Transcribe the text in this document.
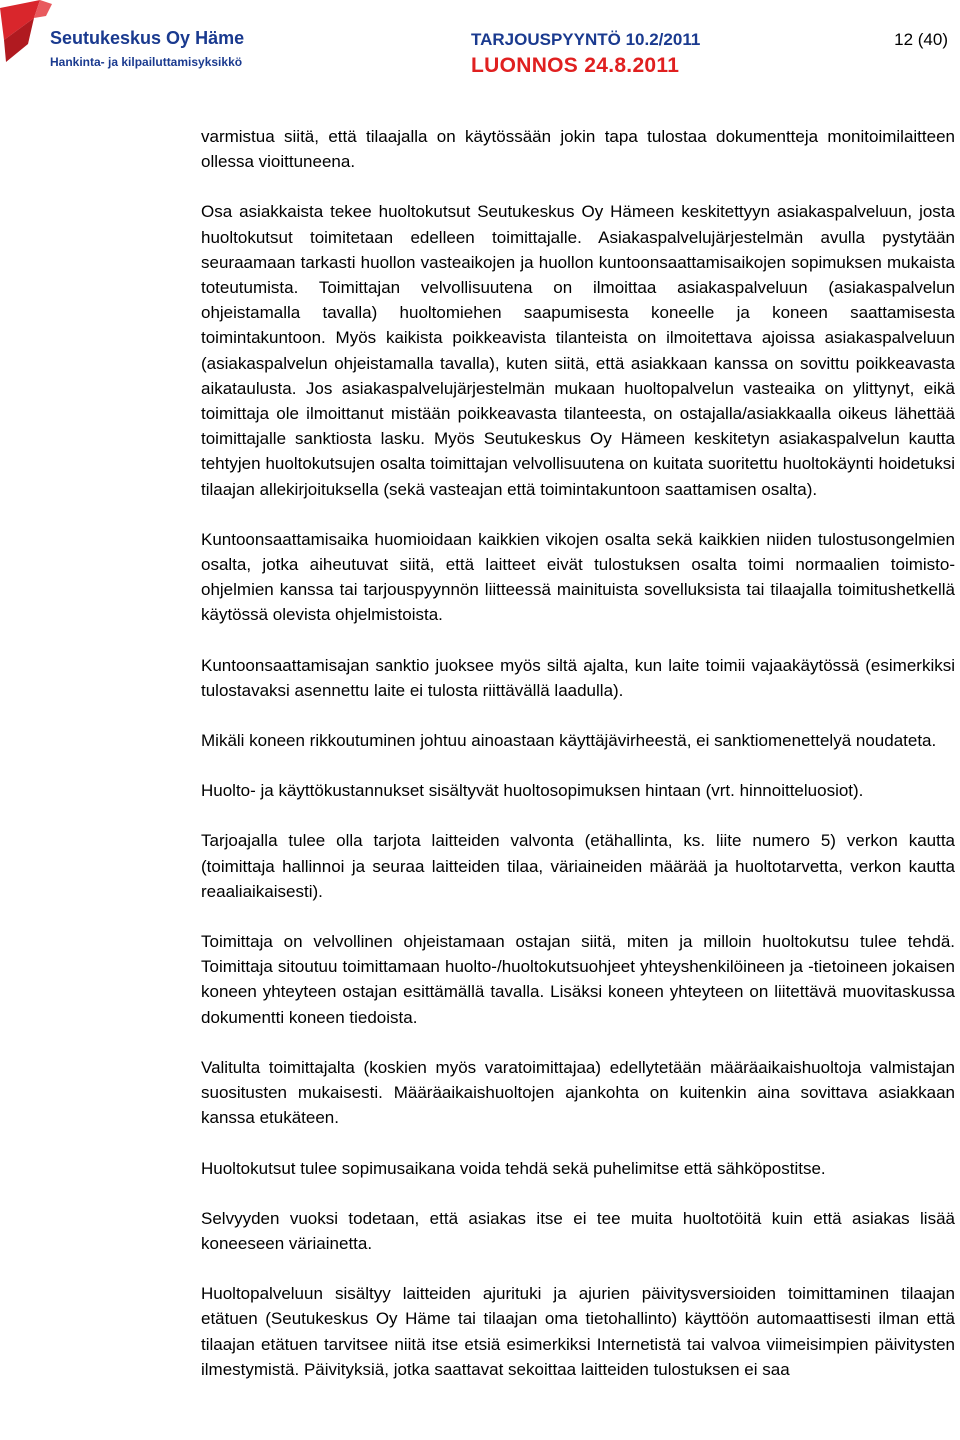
Seutukeskus Oy Häme
Hankinta- ja kilpailuttamisyksikkö
TARJOUSPYYNTÖ 10.2/2011
LUONNOS 24.8.2011
12 (40)

varmistua siitä, että tilaajalla on käytössään jokin tapa tulostaa dokumentteja monitoimilaitteen ollessa vioittuneena.

Osa asiakkaista tekee huoltokutsut Seutukeskus Oy Hämeen keskitettyyn asiakaspalveluun, josta huoltokutsut toimitetaan edelleen toimittajalle. Asiakaspalvelujärjestelmän avulla pystytään seuraamaan tarkasti huollon vasteaikojen ja huollon kuntoonsaattamisaikojen sopimuksen mukaista toteutumista. Toimittajan velvollisuutena on ilmoittaa asiakaspalveluun (asiakaspalvelun ohjeistamalla tavalla) huoltomiehen saapumisesta koneelle ja koneen saattamisesta toimintakuntoon. Myös kaikista poikkeavista tilanteista on ilmoitettava ajoissa asiakaspalveluun (asiakaspalvelun ohjeistamalla tavalla), kuten siitä, että asiakkaan kanssa on sovittu poikkeavasta aikataulusta. Jos asiakaspalvelujärjestelmän mukaan huoltopalvelun vasteaika on ylittynyt, eikä toimittaja ole ilmoittanut mistään poikkeavasta tilanteesta, on ostajalla/asiakkaalla oikeus lähettää toimittajalle sanktiosta lasku. Myös Seutukeskus Oy Hämeen keskitetyn asiakaspalvelun kautta tehtyjen huoltokutsujen osalta toimittajan velvollisuutena on kuitata suoritettu huoltokäynti hoidetuksi tilaajan allekirjoituksella (sekä vasteajan että toimintakuntoon saattamisen osalta).

Kuntoonsaattamisaika huomioidaan kaikkien vikojen osalta sekä kaikkien niiden tulostusongelmien osalta, jotka aiheutuvat siitä, että laitteet eivät tulostuksen osalta toimi normaalien toimisto-ohjelmien kanssa tai tarjouspyynnön liitteessä mainituista sovelluksista tai tilaajalla toimitushetkellä käytössä olevista ohjelmistoista.

Kuntoonsaattamisajan sanktio juoksee myös siltä ajalta, kun laite toimii vajaakäytössä (esimerkiksi tulostavaksi asennettu laite ei tulosta riittävällä laadulla).

Mikäli koneen rikkoutuminen johtuu ainoastaan käyttäjävirheestä, ei sanktiomenettelyä noudateta.

Huolto- ja käyttökustannukset sisältyvät huoltosopimuksen hintaan (vrt. hinnoitteluosiot).

Tarjoajalla tulee olla tarjota laitteiden valvonta (etähallinta, ks. liite numero 5) verkon kautta (toimittaja hallinnoi ja seuraa laitteiden tilaa, väriaineiden määrää ja huoltotarvetta, verkon kautta reaaliaikaisesti).

Toimittaja on velvollinen ohjeistamaan ostajan siitä, miten ja milloin huoltokutsu tulee tehdä. Toimittaja sitoutuu toimittamaan huolto-/huoltokutsuohjeet yhteyshenkilöineen ja -tietoineen jokaisen koneen yhteyteen ostajan esittämällä tavalla. Lisäksi koneen yhteyteen on liitettävä muovitaskussa dokumentti koneen tiedoista.

Valitulta toimittajalta (koskien myös varatoimittajaa) edellytetään määräaikaishuoltoja valmistajan suositusten mukaisesti. Määräaikaishuoltojen ajankohta on kuitenkin aina sovittava asiakkaan kanssa etukäteen.

Huoltokutsut tulee sopimusaikana voida tehdä sekä puhelimitse että sähköpostitse.

Selvyyden vuoksi todetaan, että asiakas itse ei tee muita huoltotöitä kuin että asiakas lisää koneeseen väriainetta.

Huoltopalveluun sisältyy laitteiden ajurituki ja ajurien päivitysversioiden toimittaminen tilaajan etätuen (Seutukeskus Oy Häme tai tilaajan oma tietohallinto) käyttöön automaattisesti ilman että tilaajan etätuen tarvitsee niitä itse etsiä esimerkiksi Internetistä tai valvoa viimeisimpien päivitysten ilmestymistä. Päivityksiä, jotka saattavat sekoittaa laitteiden tulostuksen ei saa
